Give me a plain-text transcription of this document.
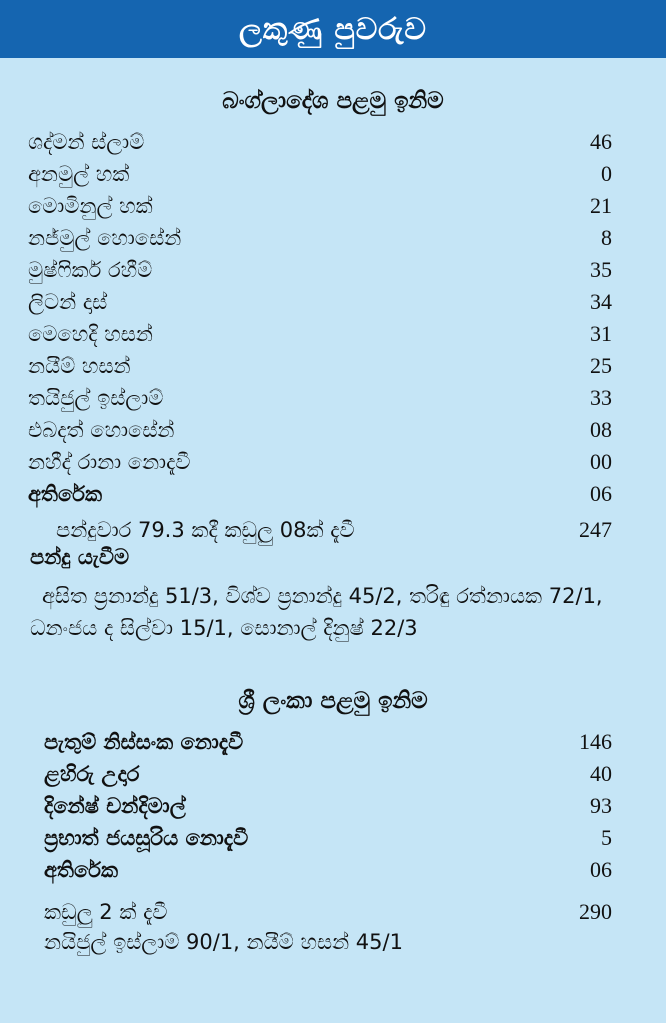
ලකුණු පුවරුව
බංග්ලාදේශ පළමු ඉනිම
ශද්මන් ස්ලාම්	46
අනමුල් හක්	0
මොමිනුල් හක්	21
නජ්මුල් හොසේන්	8
මුෂ්ෆිකර් රහීම්	35
ලිටන් දාස්	34
මෙහෙදි හසන්	31
නයීම් හසන්	25
තයිජුල් ඉස්ලාම්	33
එබදත් හොසේන්	08
නහීද් රානා නොදැවී	00
අතිරේක	06
පන්දුවාර 79.3 කදී කඩුලු 08ක් දැවී	247
පන්දු යැවීම
අසිත ප්‍රනාන්දු 51/3, විශ්ව ප්‍රනාන්දු 45/2, තරිඳු රත්නායක 72/1, ධනංජය ද සිල්වා 15/1, සොනාල් දිනුෂ් 22/3
ශ්‍රී ලංකා පළමු ඉනිම
පැතුම් නිස්සංක නොදැවී	146
ළහිරු උදාර	40
දිනේෂ් චන්දිමාල්	93
ප්‍රභාත් ජයසූරිය නොදැවී	5
අතිරේක	06
කඩුලු 2 ක් දැවී	290
නයිජුල් ඉස්ලාම් 90/1, නයීම් හසන් 45/1
